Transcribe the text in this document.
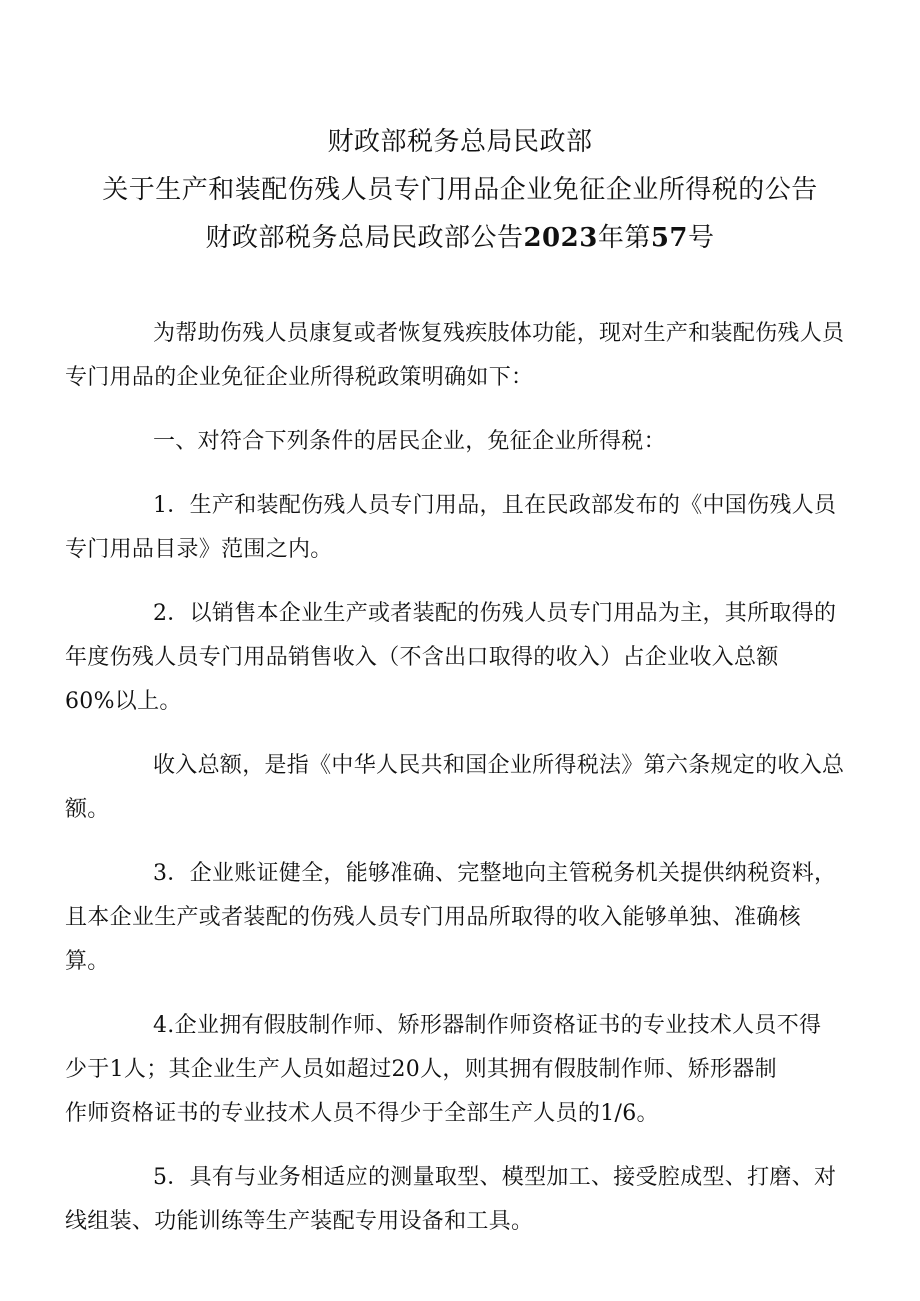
财政部税务总局民政部
关于生产和装配伤残人员专门用品企业免征企业所得税的公告
财政部税务总局民政部公告2023年第57号

为帮助伤残人员康复或者恢复残疾肢体功能，现对生产和装配伤残人员
专门用品的企业免征企业所得税政策明确如下：

一、对符合下列条件的居民企业，免征企业所得税：

1．生产和装配伤残人员专门用品，且在民政部发布的《中国伤残人员
专门用品目录》范围之内。

2．以销售本企业生产或者装配的伤残人员专门用品为主，其所取得的
年度伤残人员专门用品销售收入（不含出口取得的收入）占企业收入总额
60%以上。

收入总额，是指《中华人民共和国企业所得税法》第六条规定的收入总
额。

3．企业账证健全，能够准确、完整地向主管税务机关提供纳税资料，
且本企业生产或者装配的伤残人员专门用品所取得的收入能够单独、准确核
算。

4.企业拥有假肢制作师、矫形器制作师资格证书的专业技术人员不得
少于1人；其企业生产人员如超过20人，则其拥有假肢制作师、矫形器制
作师资格证书的专业技术人员不得少于全部生产人员的1/6。

5．具有与业务相适应的测量取型、模型加工、接受腔成型、打磨、对
线组装、功能训练等生产装配专用设备和工具。
